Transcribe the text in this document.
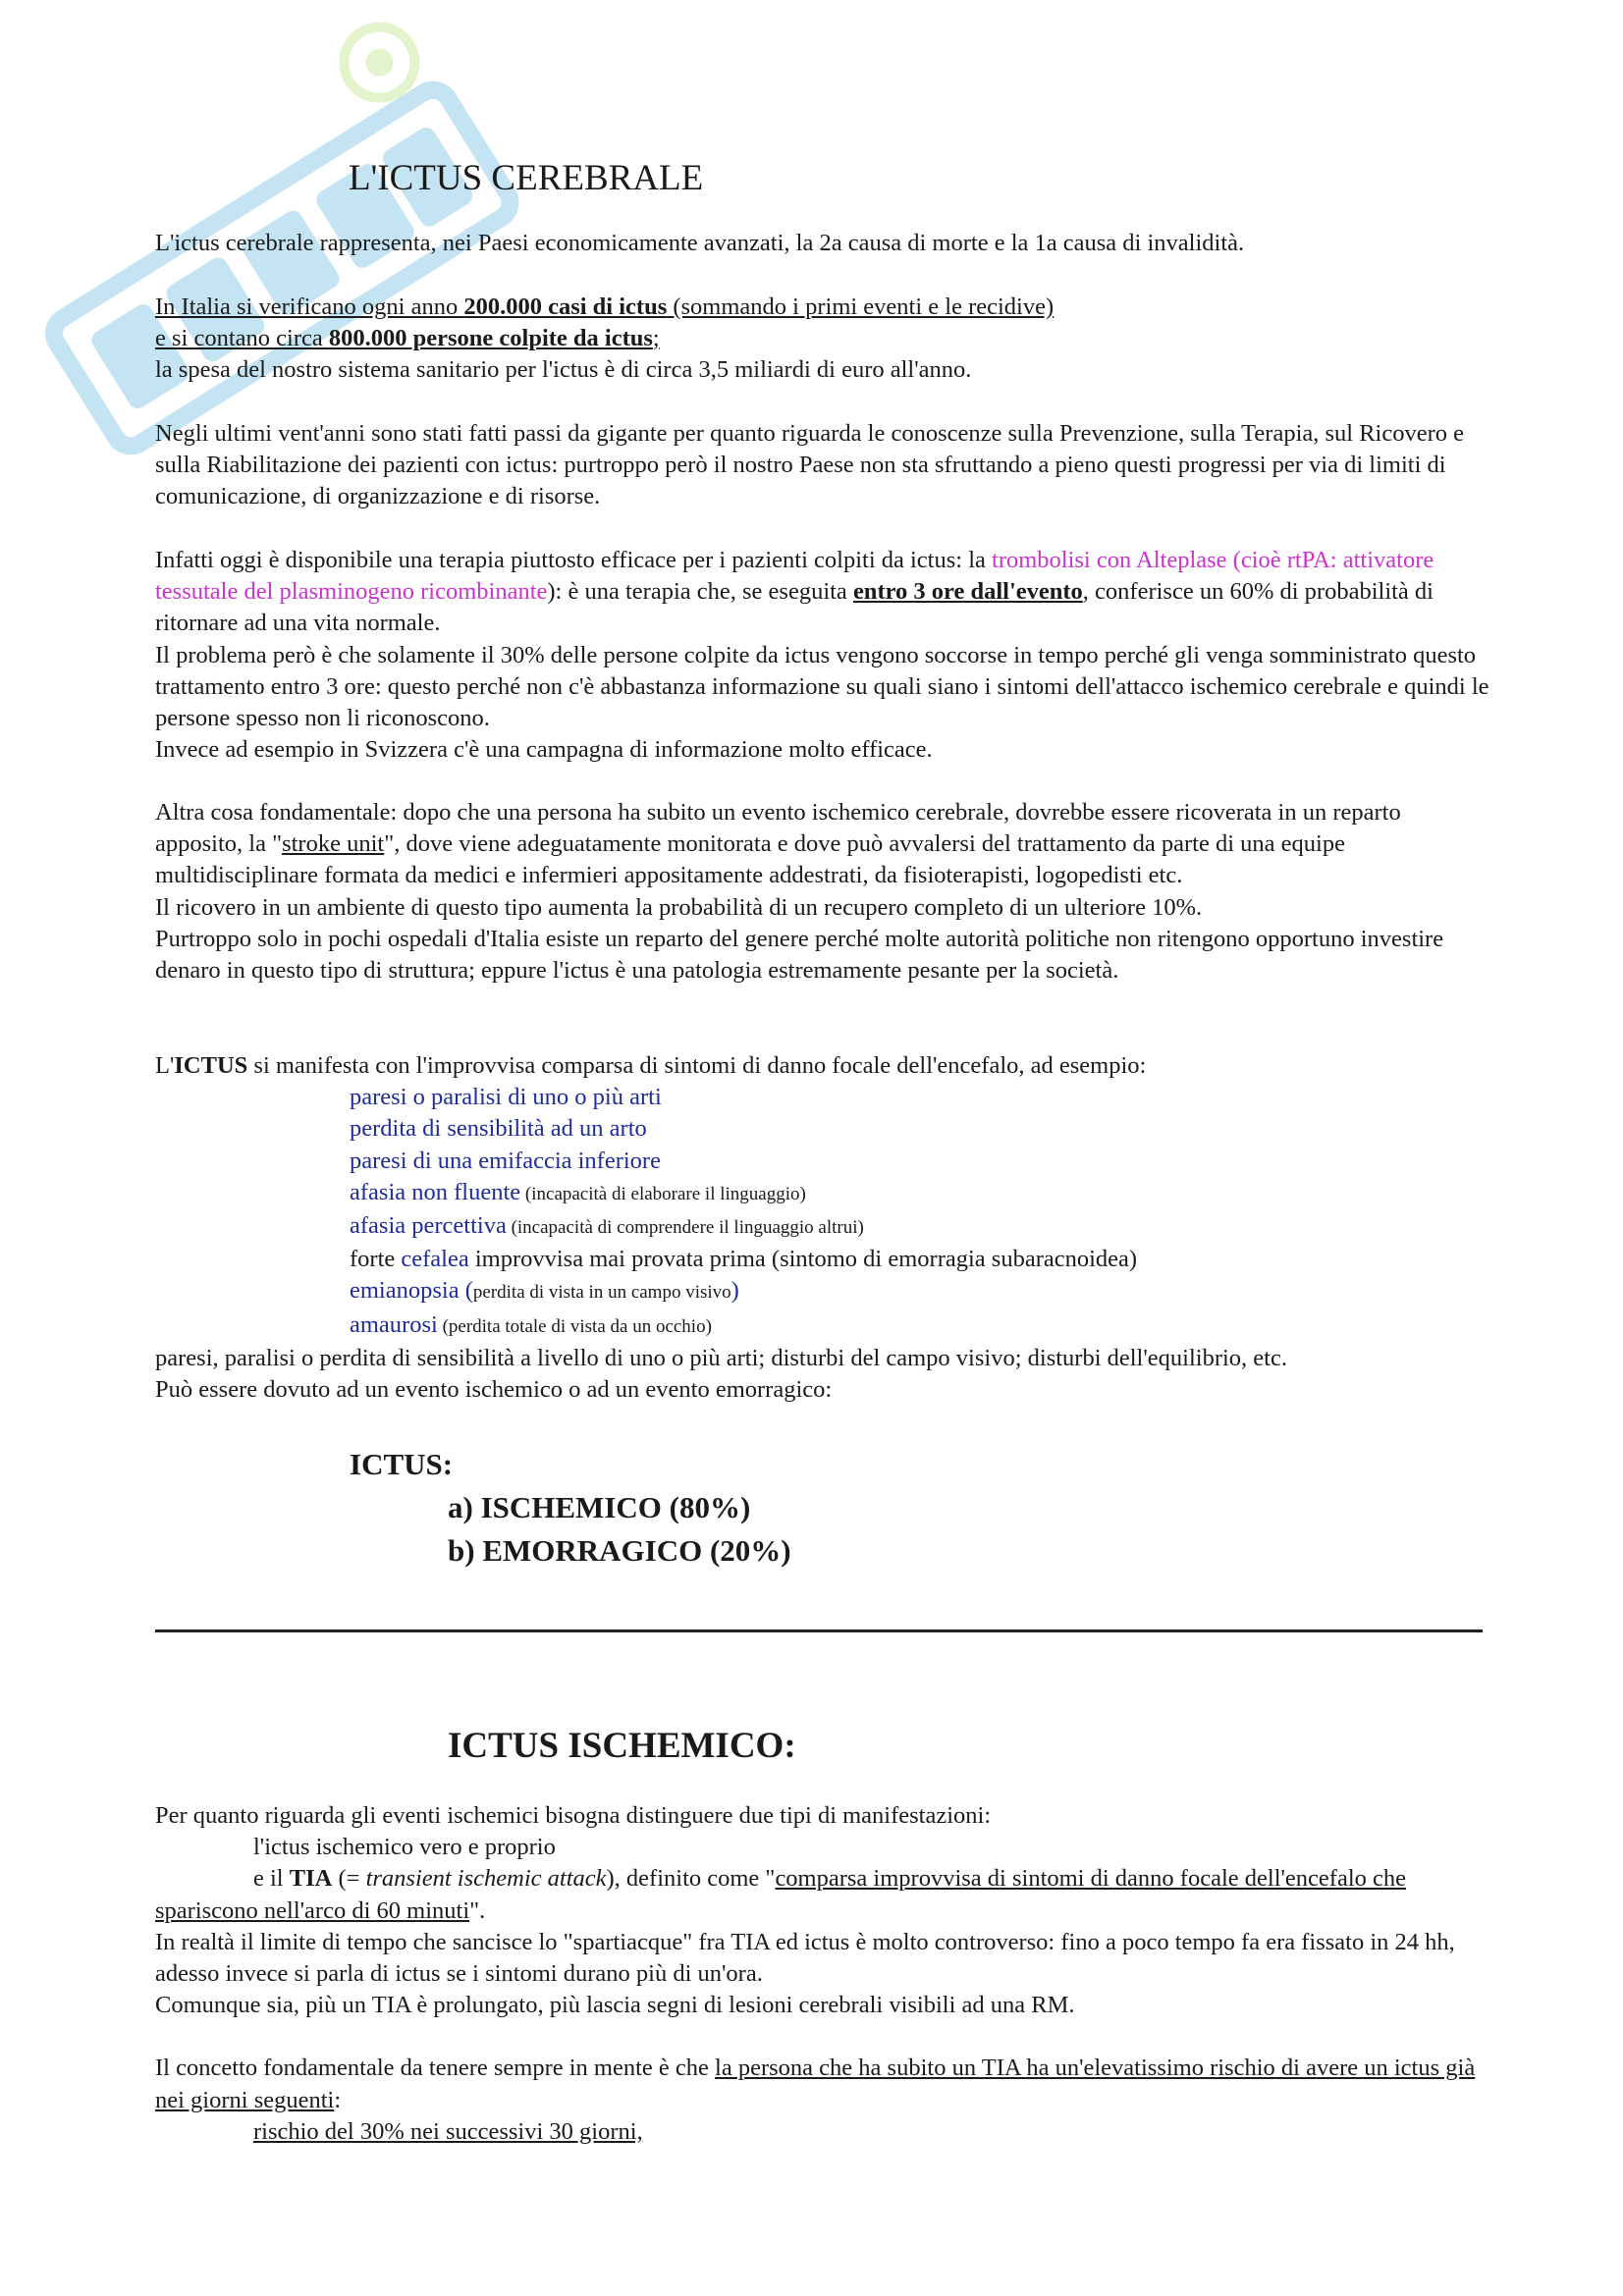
L'ICTUS CEREBRALE

L'ictus cerebrale rappresenta, nei Paesi economicamente avanzati, la 2a causa di morte e la 1a causa di invalidità.

In Italia si verificano ogni anno 200.000 casi di ictus (sommando i primi eventi e le recidive)

e si contano circa 800.000 persone colpite da ictus;

la spesa del nostro sistema sanitario per l'ictus è di circa 3,5 miliardi di euro all'anno.

Negli ultimi vent'anni sono stati fatti passi da gigante per quanto riguarda le conoscenze sulla Prevenzione, sulla Terapia, sul Ricovero e sulla Riabilitazione dei pazienti con ictus: purtroppo però il nostro Paese non sta sfruttando a pieno questi progressi per via di limiti di comunicazione, di organizzazione e di risorse.

Infatti oggi è disponibile una terapia piuttosto efficace per i pazienti colpiti da ictus: la trombolisi con Alteplase (cioè rtPA: attivatore tessutale del plasminogeno ricombinante): è una terapia che, se eseguita entro 3 ore dall'evento, conferisce un 60% di probabilità di ritornare ad una vita normale.

Il problema però è che solamente il 30% delle persone colpite da ictus vengono soccorse in tempo perché gli venga somministrato questo trattamento entro 3 ore: questo perché non c'è abbastanza informazione su quali siano i sintomi dell'attacco ischemico cerebrale e quindi le persone spesso non li riconoscono.

Invece ad esempio in Svizzera c'è una campagna di informazione molto efficace.

Altra cosa fondamentale: dopo che una persona ha subito un evento ischemico cerebrale, dovrebbe essere ricoverata in un reparto apposito, la "stroke unit", dove viene adeguatamente monitorata e dove può avvalersi del trattamento da parte di una equipe multidisciplinare formata da medici e infermieri appositamente addestrati, da fisioterapisti, logopedisti etc.

Il ricovero in un ambiente di questo tipo aumenta la probabilità di un recupero completo di un ulteriore 10%.

Purtroppo solo in pochi ospedali d'Italia esiste un reparto del genere perché molte autorità politiche non ritengono opportuno investire denaro in questo tipo di struttura; eppure l'ictus è una patologia estremamente pesante per la società.

L'ICTUS si manifesta con l'improvvisa comparsa di sintomi di danno focale dell'encefalo, ad esempio:

paresi o paralisi di uno o più arti

perdita di sensibilità ad un arto

paresi di una emifaccia inferiore

afasia non fluente (incapacità di elaborare il linguaggio)

afasia percettiva (incapacità di comprendere il linguaggio altrui)

forte cefalea improvvisa mai provata prima (sintomo di emorragia subaracnoidea)

emianopsia (perdita di vista in un campo visivo)

amaurosi (perdita totale di vista da un occhio)

paresi, paralisi o perdita di sensibilità a livello di uno o più arti; disturbi del campo visivo; disturbi dell'equilibrio, etc.

Può essere dovuto ad un evento ischemico o ad un evento emorragico:

ICTUS:

a) ISCHEMICO (80%)

b) EMORRAGICO (20%)

ICTUS ISCHEMICO:

Per quanto riguarda gli eventi ischemici bisogna distinguere due tipi di manifestazioni:

l'ictus ischemico vero e proprio

e il TIA (= transient ischemic attack), definito come "comparsa improvvisa di sintomi di danno focale dell'encefalo che spariscono nell'arco di 60 minuti".

In realtà il limite di tempo che sancisce lo "spartiacque" fra TIA ed ictus è molto controverso: fino a poco tempo fa era fissato in 24 hh, adesso invece si parla di ictus se i sintomi durano più di un'ora.

Comunque sia, più un TIA è prolungato, più lascia segni di lesioni cerebrali visibili ad una RM.

Il concetto fondamentale da tenere sempre in mente è che la persona che ha subito un TIA ha un'elevatissimo rischio di avere un ictus già nei giorni seguenti:

rischio del 30% nei successivi 30 giorni,
